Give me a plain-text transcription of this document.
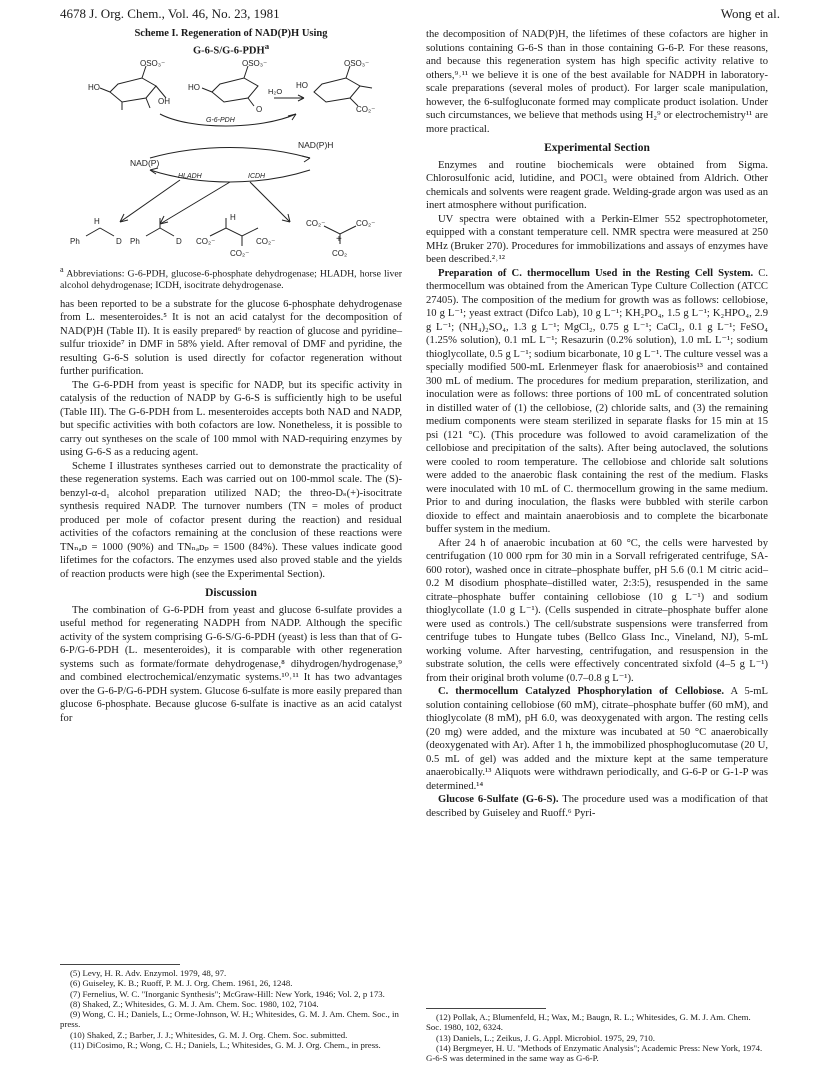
4678 J. Org. Chem., Vol. 46, No. 23, 1981	Wong et al.
Scheme I. Regeneration of NAD(P)H Using
G-6-S/G-6-PDH$^a$
OSO₃⁻	OSO₃⁻	OSO₃⁻
HO	HO	HO
OH
O
H₂O
CO₂⁻
G-6-PDH
NAD(P)
NAD(P)H
HLADH	ICDH
Ph	D Ph	D
H	H
CO₂⁻	CO₂⁻
CO₂⁻
CO₂⁻	CO₂⁻
+
CO₂
$^a$ Abbreviations: G-6-PDH, glucose-6-phosphate dehydrogenase; HLADH, horse liver alcohol dehydrogenase; ICDH, isocitrate dehydrogenase.

has been reported to be a substrate for the glucose 6-phosphate dehydrogenase from L. mesenteroides.⁵ It is not an acid catalyst for the decomposition of NAD(P)H (Table II). It is easily prepared⁶ by reaction of glucose and pyridine–sulfur trioxide⁷ in DMF in 58% yield. After removal of DMF and pyridine, the resulting G-6-S solution is used directly for cofactor regeneration without further purification.

The G-6-PDH from yeast is specific for NADP, but its specific activity in catalysis of the reduction of NADP by G-6-S is sufficiently high to be useful (Table III). The G-6-PDH from L. mesenteroides accepts both NAD and NADP, but specific activities with both cofactors are low. Nonetheless, it is possible to carry out syntheses on the scale of 100 mmol with NAD-requiring enzymes by using G-6-S as a reducing agent.

Scheme I illustrates syntheses carried out to demonstrate the practicality of these regeneration systems. Each was carried out on 100-mmol scale. The (S)-benzyl-α-d₁ alcohol preparation utilized NAD; the threo-Dₛ(+)-isocitrate synthesis required NADP. The turnover numbers (TN = moles of product produced per mole of cofactor present during the reaction) and residual activities of the cofactors remaining at the conclusion of these reactions were TNₙₐᴅ = 1000 (90%) and TNₙₐᴅₚ = 1500 (84%). These values indicate good lifetimes for the cofactors. The enzymes used also proved stable and the yields of reaction products were high (see the Experimental Section).

Discussion

The combination of G-6-PDH from yeast and glucose 6-sulfate provides a useful method for regenerating NADPH from NADP. Although the specific activity of the system comprising G-6-S/G-6-PDH (yeast) is less than that of G-6-P/G-6-PDH (L. mesenteroides), it is comparable with other regeneration systems such as formate/formate dehydrogenase,⁸ dihydrogen/hydrogenase,⁹ and combined electrochemical/enzymatic systems.¹⁰˒¹¹ It has two advantages over the G-6-P/G-6-PDH system. Glucose 6-sulfate is more easily prepared than glucose 6-phosphate. Because glucose 6-sulfate is inactive as an acid catalyst for

(5) Levy, H. R. Adv. Enzymol. 1979, 48, 97.
(6) Guiseley, K. B.; Ruoff, P. M. J. Org. Chem. 1961, 26, 1248.
(7) Fernelius, W. C. "Inorganic Synthesis"; McGraw-Hill: New York, 1946; Vol. 2, p 173.
(8) Shaked, Z.; Whitesides, G. M. J. Am. Chem. Soc. 1980, 102, 7104.
(9) Wong, C. H.; Daniels, L.; Orme-Johnson, W. H.; Whitesides, G. M. J. Am. Chem. Soc., in press.
(10) Shaked, Z.; Barber, J. J.; Whitesides, G. M. J. Org. Chem. Soc. submitted.
(11) DiCosimo, R.; Wong, C. H.; Daniels, L.; Whitesides, G. M. J. Org. Chem., in press.

the decomposition of NAD(P)H, the lifetimes of these cofactors are higher in solutions containing G-6-S than in those containing G-6-P. For these reasons, and because this regeneration system has high specific activity relative to others,⁹˒¹¹ we believe it is one of the best available for NADPH in laboratory-scale preparations (several moles of product). For larger scale manipulation, however, the 6-sulfogluconate formed may complicate product isolation. Under such circumstances, we believe that methods using H₂⁹ or electrochemistry¹¹ are more practical.

Experimental Section

Enzymes and routine biochemicals were obtained from Sigma. Chlorosulfonic acid, lutidine, and POCl₃ were obtained from Aldrich. Other chemicals and solvents were reagent grade. Welding-grade argon was used as an inert atmosphere without purification.

UV spectra were obtained with a Perkin-Elmer 552 spectrophotometer, equipped with a constant temperature cell. NMR spectra were measured at 250 MHz (Bruker 270). Procedures for immobilizations and assays of enzymes have been described.²˒¹²

Preparation of C. thermocellum Used in the Resting Cell System. C. thermocellum was obtained from the American Type Culture Collection (ATCC 27405). The composition of the medium for growth was as follows: cellobiose, 10 g L⁻¹; yeast extract (Difco Lab), 10 g L⁻¹; KH₂PO₄, 1.5 g L⁻¹; K₂HPO₄, 2.9 g L⁻¹; (NH₄)₂SO₄, 1.3 g L⁻¹; MgCl₂, 0.75 g L⁻¹; CaCl₂, 0.1 g L⁻¹; FeSO₄ (1.25% solution), 0.1 mL L⁻¹; Resazurin (0.2% solution), 1.0 mL L⁻¹; sodium thioglycollate, 0.5 g L⁻¹; sodium bicarbonate, 10 g L⁻¹. The culture vessel was a specially modified 500-mL Erlenmeyer flask for anaerobiosis¹³ and contained 300 mL of medium. The procedures for medium preparation, sterilization, and inoculation were as follows: three portions of 100 mL of concentrated solution in distilled water of (1) the cellobiose, (2) chloride salts, and (3) the remaining medium components were steam sterilized in separate flasks for 15 min at 15 psi (121 °C). (This procedure was followed to avoid caramelization of the cellobiose and precipitation of the salts). After being autoclaved, the solutions were cooled to room temperature. The cellobiose and chloride salt solutions were added to the anaerobic flask containing the rest of the medium. Flasks were inoculated with 10 mL of C. thermocellum growing in the same medium. Prior to and during inoculation, the flasks were bubbled with sterile carbon dioxide to effect and maintain anaerobiosis and to complete the bicarbonate buffer system in the medium.

After 24 h of anaerobic incubation at 60 °C, the cells were harvested by centrifugation (10 000 rpm for 30 min in a Sorvall refrigerated centrifuge, SA-600 rotor), washed once in citrate–phosphate buffer, pH 5.6 (0.1 M citric acid–0.2 M disodium phosphate–distilled water, 2:3:5), resuspended in the same citrate–phosphate buffer containing cellobiose (10 g L⁻¹) and sodium thioglycollate (1.0 g L⁻¹). (Cells suspended in citrate–phosphate buffer alone were used as controls.) The cell/substrate suspensions were transferred from centrifuge tubes to Hungate tubes (Bellco Glass Inc., Vineland, NJ), 5-mL working volume. After harvesting, centrifugation, and resuspension in the substrate solution, the cells were effectively concentrated sixfold (4–5 g L⁻¹) from their original broth volume (0.7–0.8 g L⁻¹).

C. thermocellum Catalyzed Phosphorylation of Cellobiose. A 5-mL solution containing cellobiose (60 mM), citrate–phosphate buffer (60 mM), and thioglycolate (8 mM), pH 6.0, was deoxygenated with argon. The resting cells (20 mg) were added, and the mixture was incubated at 50 °C anaerobically (deoxygenated with Ar). After 1 h, the immobilized phosphoglucomutase (20 U, 0.5 mL of gel) was added and the mixture kept at the same temperature anaerobically.¹³ Aliquots were withdrawn periodically, and G-6-P or G-1-P was determined.¹⁴

Glucose 6-Sulfate (G-6-S). The procedure used was a modification of that described by Guiseley and Ruoff.⁶ Pyri-

(12) Pollak, A.; Blumenfeld, H.; Wax, M.; Baugn, R. L.; Whitesides, G. M. J. Am. Chem. Soc. 1980, 102, 6324.
(13) Daniels, L.; Zeikus, J. G. Appl. Microbiol. 1975, 29, 710.
(14) Bergmeyer, H. U. "Methods of Enzymatic Analysis"; Academic Press: New York, 1974. G-6-S was determined in the same way as G-6-P.
